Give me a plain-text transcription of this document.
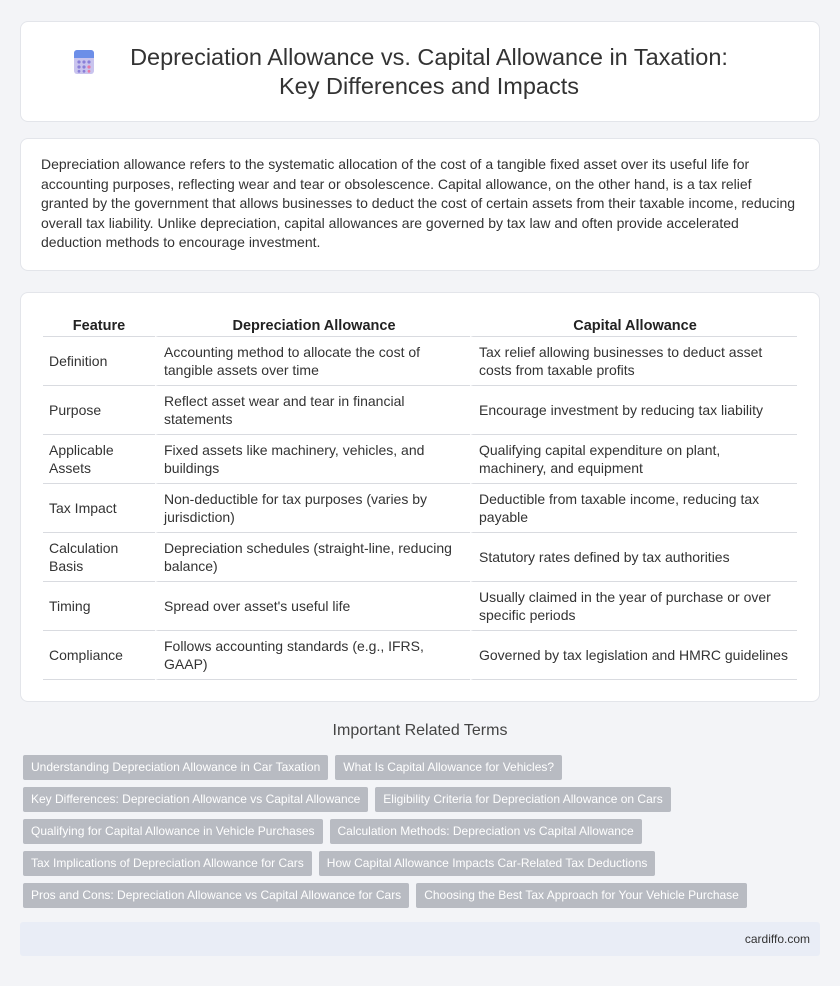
Depreciation Allowance vs. Capital Allowance in Taxation: Key Differences and Impacts

Depreciation allowance refers to the systematic allocation of the cost of a tangible fixed asset over its useful life for accounting purposes, reflecting wear and tear or obsolescence. Capital allowance, on the other hand, is a tax relief granted by the government that allows businesses to deduct the cost of certain assets from their taxable income, reducing overall tax liability. Unlike depreciation, capital allowances are governed by tax law and often provide accelerated deduction methods to encourage investment.

Feature	Depreciation Allowance	Capital Allowance
Definition	Accounting method to allocate the cost of tangible assets over time	Tax relief allowing businesses to deduct asset costs from taxable profits
Purpose	Reflect asset wear and tear in financial statements	Encourage investment by reducing tax liability
Applicable Assets	Fixed assets like machinery, vehicles, and buildings	Qualifying capital expenditure on plant, machinery, and equipment
Tax Impact	Non-deductible for tax purposes (varies by jurisdiction)	Deductible from taxable income, reducing tax payable
Calculation Basis	Depreciation schedules (straight-line, reducing balance)	Statutory rates defined by tax authorities
Timing	Spread over asset's useful life	Usually claimed in the year of purchase or over specific periods
Compliance	Follows accounting standards (e.g., IFRS, GAAP)	Governed by tax legislation and HMRC guidelines
Important Related Terms
Understanding Depreciation Allowance in Car Taxation	What Is Capital Allowance for Vehicles?
Key Differences: Depreciation Allowance vs Capital Allowance	Eligibility Criteria for Depreciation Allowance on Cars
Qualifying for Capital Allowance in Vehicle Purchases	Calculation Methods: Depreciation vs Capital Allowance
Tax Implications of Depreciation Allowance for Cars	How Capital Allowance Impacts Car-Related Tax Deductions
Pros and Cons: Depreciation Allowance vs Capital Allowance for Cars	Choosing the Best Tax Approach for Your Vehicle Purchase
cardiffo.com
